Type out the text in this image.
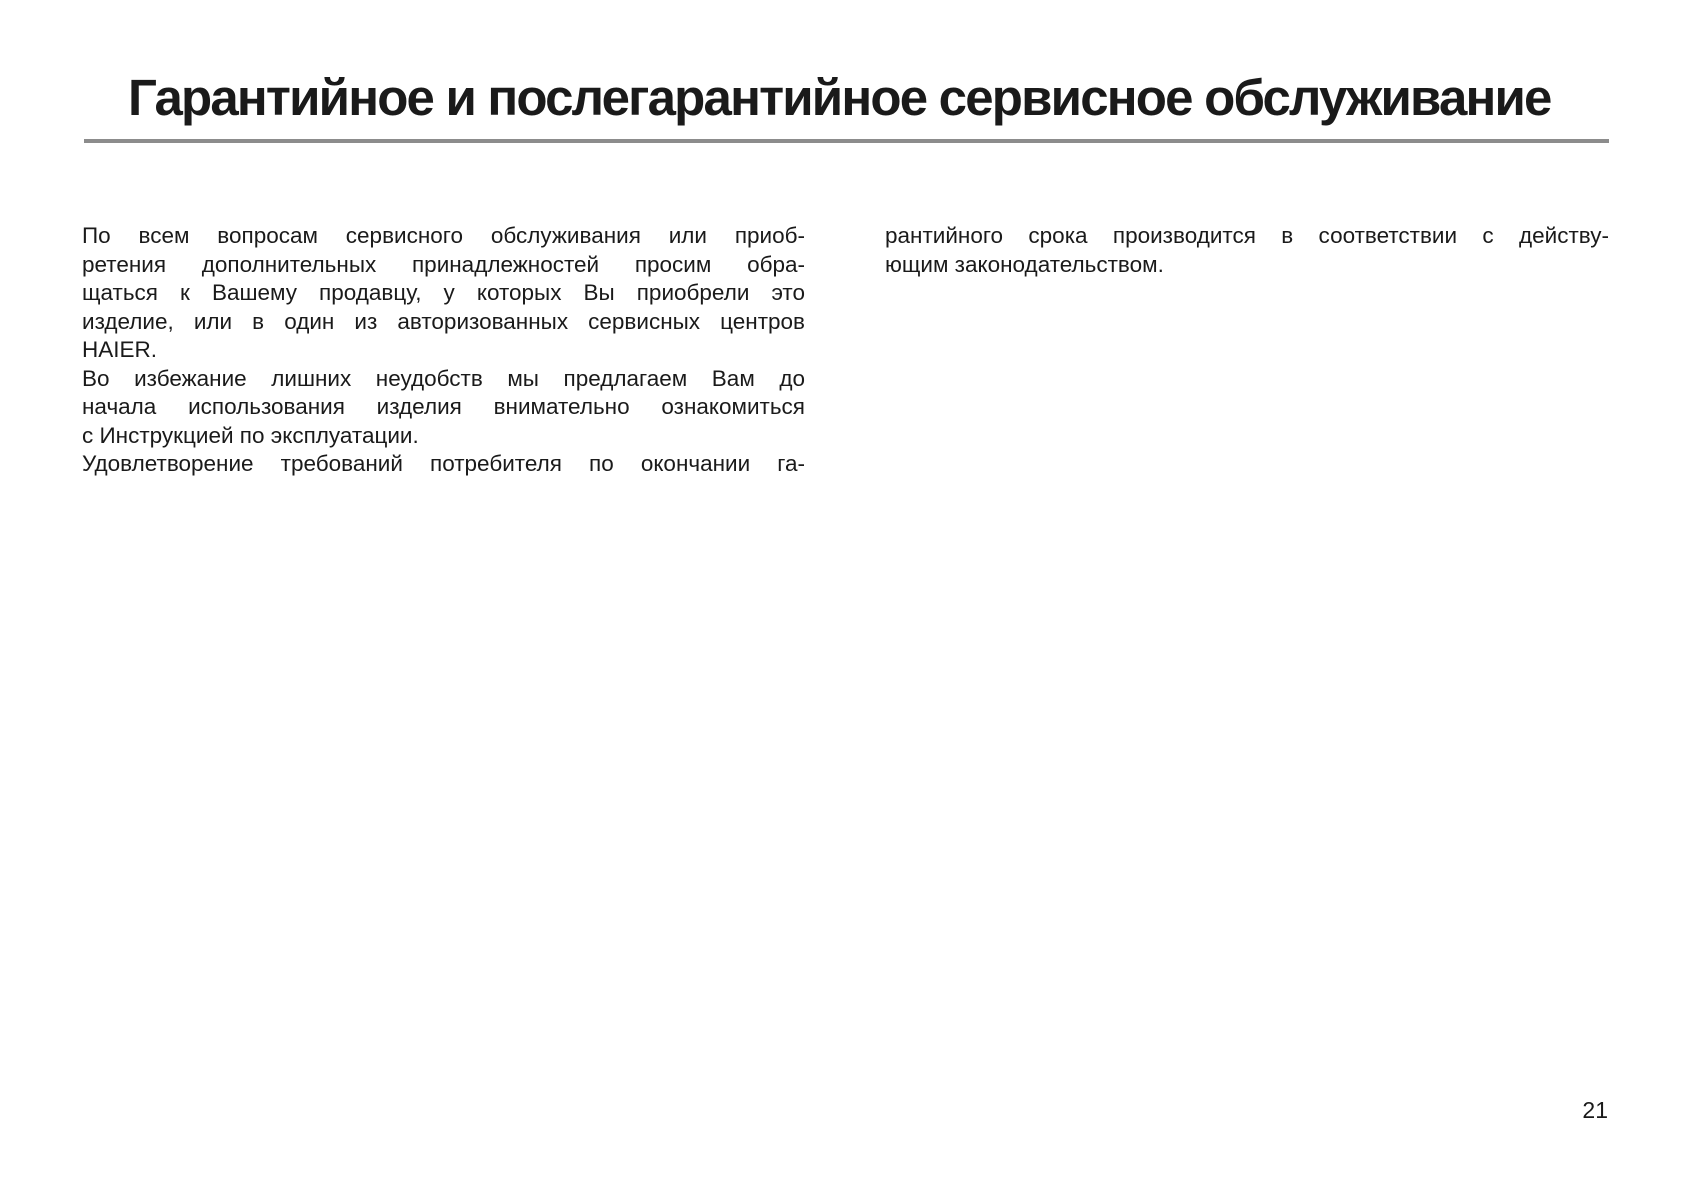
Гарантийное и послегарантийное сервисное обслуживание
По всем вопросам сервисного обслуживания или приоб-
ретения дополнительных принадлежностей просим обра-
щаться к Вашему продавцу, у которых Вы приобрели это
изделие, или в один из авторизованных сервисных центров
HAIER.
Во избежание лишних неудобств мы предлагаем Вам до
начала использования изделия внимательно ознакомиться
с Инструкцией по эксплуатации.
Удовлетворение требований потребителя по окончании га-
рантийного срока производится в соответствии с действу-
ющим законодательством.
21
